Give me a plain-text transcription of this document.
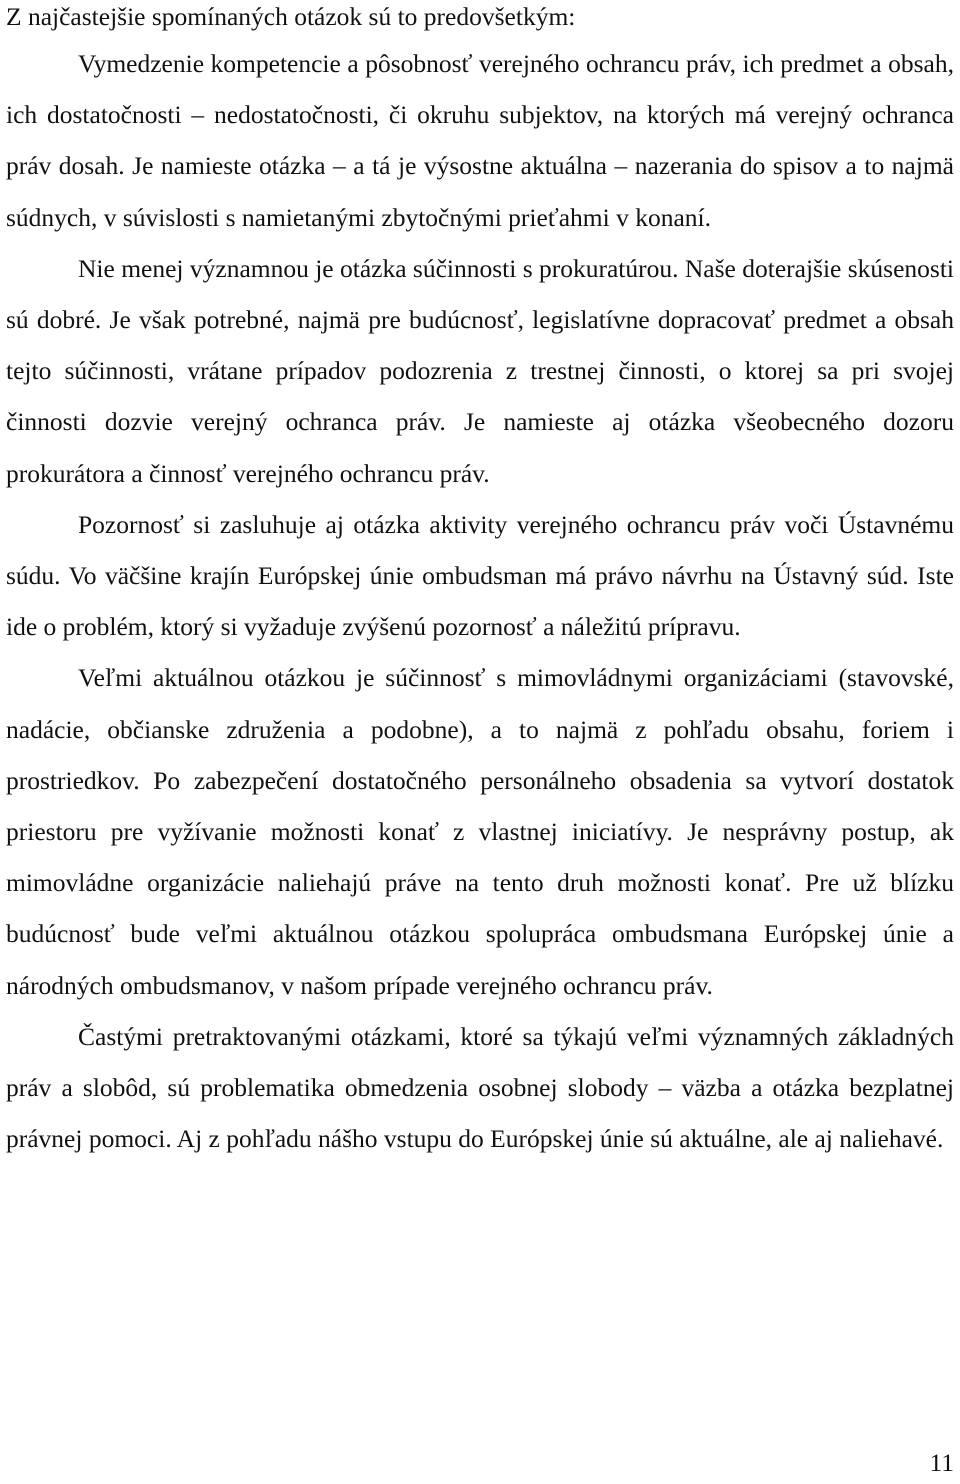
Z najčastejšie spomínaných otázok sú to predovšetkým:

Vymedzenie kompetencie a pôsobnosť verejného ochrancu práv, ich predmet a obsah, ich dostatočnosti – nedostatočnosti, či okruhu subjektov, na ktorých má verejný ochranca práv dosah. Je namieste otázka – a tá je výsostne aktuálna – nazerania do spisov a to najmä súdnych, v súvislosti s namietanými zbytočnými prieťahmi v konaní.

Nie menej významnou je otázka súčinnosti s prokuratúrou. Naše doterajšie skúsenosti sú dobré. Je však potrebné, najmä pre budúcnosť, legislatívne dopracovať predmet a obsah tejto súčinnosti, vrátane prípadov podozrenia z trestnej činnosti, o ktorej sa pri svojej činnosti dozvie verejný ochranca práv. Je namieste aj otázka všeobecného dozoru prokurátora a činnosť verejného ochrancu práv.

Pozornosť si zasluhuje aj otázka aktivity verejného ochrancu práv voči Ústavnému súdu. Vo väčšine krajín Európskej únie ombudsman má právo návrhu na Ústavný súd. Iste ide o problém, ktorý si vyžaduje zvýšenú pozornosť a náležitú prípravu.

Veľmi aktuálnou otázkou je súčinnosť s mimovládnymi organizáciami (stavovské, nadácie, občianske združenia a podobne), a to najmä z pohľadu obsahu, foriem i prostriedkov. Po zabezpečení dostatočného personálneho obsadenia sa vytvorí dostatok priestoru pre vyžívanie možnosti konať z vlastnej iniciatívy. Je nesprávny postup, ak mimovládne organizácie naliehajú práve na tento druh možnosti konať. Pre už blízku budúcnosť bude veľmi aktuálnou otázkou spolupráca ombudsmana Európskej únie a národných ombudsmanov, v našom prípade verejného ochrancu práv.

Častými pretraktovanými otázkami, ktoré sa týkajú veľmi významných základných práv a slobôd, sú problematika obmedzenia osobnej slobody – väzba a otázka bezplatnej právnej pomoci. Aj z pohľadu nášho vstupu do Európskej únie sú aktuálne, ale aj naliehavé.

11
